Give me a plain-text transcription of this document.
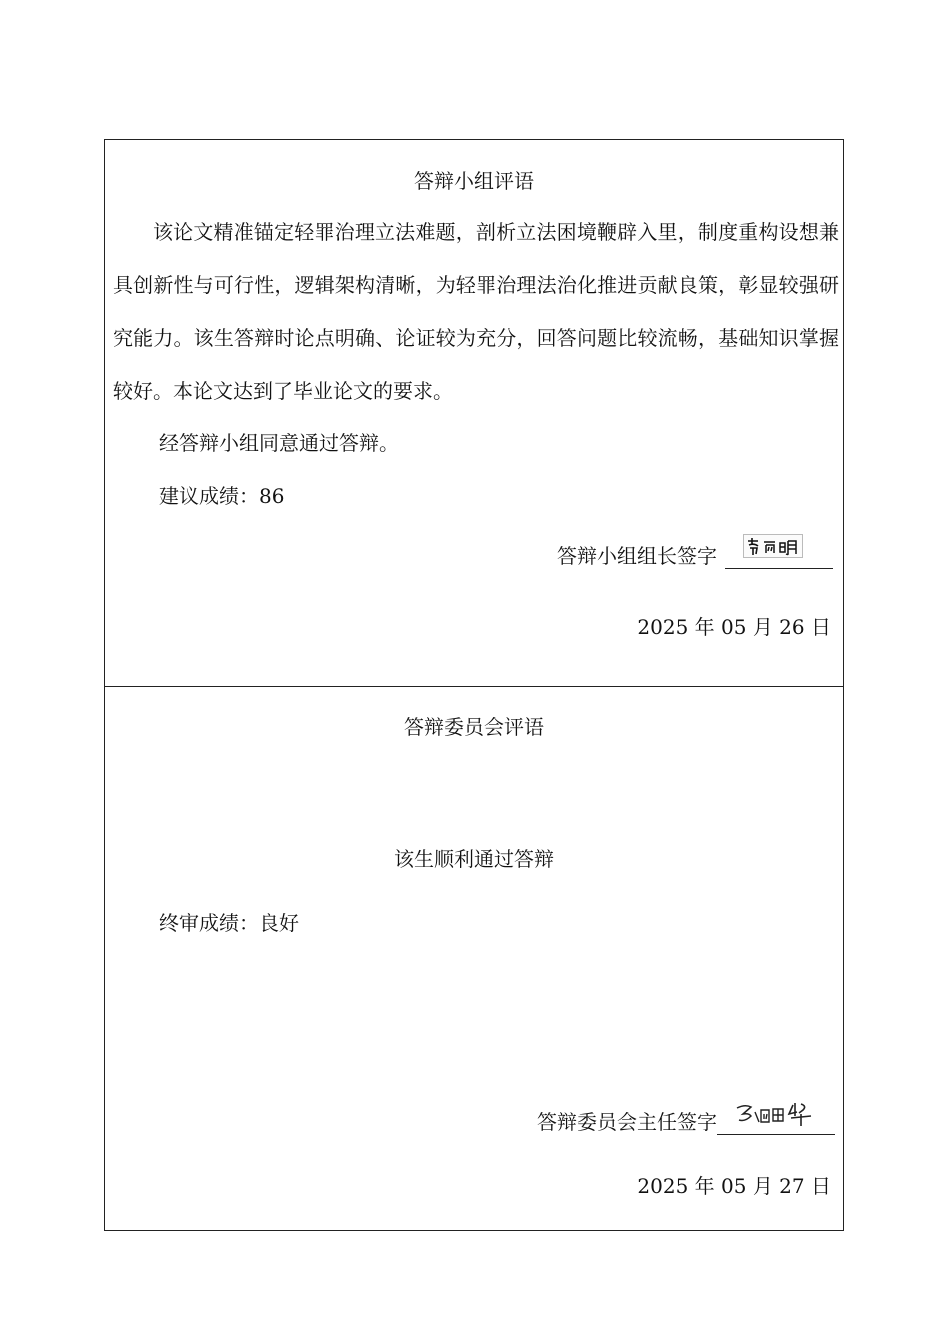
答辩小组评语

该论文精准锚定轻罪治理立法难题，剖析立法困境鞭辟入里，制度重构设想兼具创新性与可行性，逻辑架构清晰，为轻罪治理法治化推进贡献良策，彰显较强研究能力。该生答辩时论点明确、论证较为充分，回答问题比较流畅，基础知识掌握较好。本论文达到了毕业论文的要求。

经答辩小组同意通过答辩。
建议成绩：86
答辩小组组长签字
2025 年 05 月 26 日
答辩委员会评语
该生顺利通过答辩
终审成绩：良好
答辩委员会主任签字
2025 年 05 月 27 日
